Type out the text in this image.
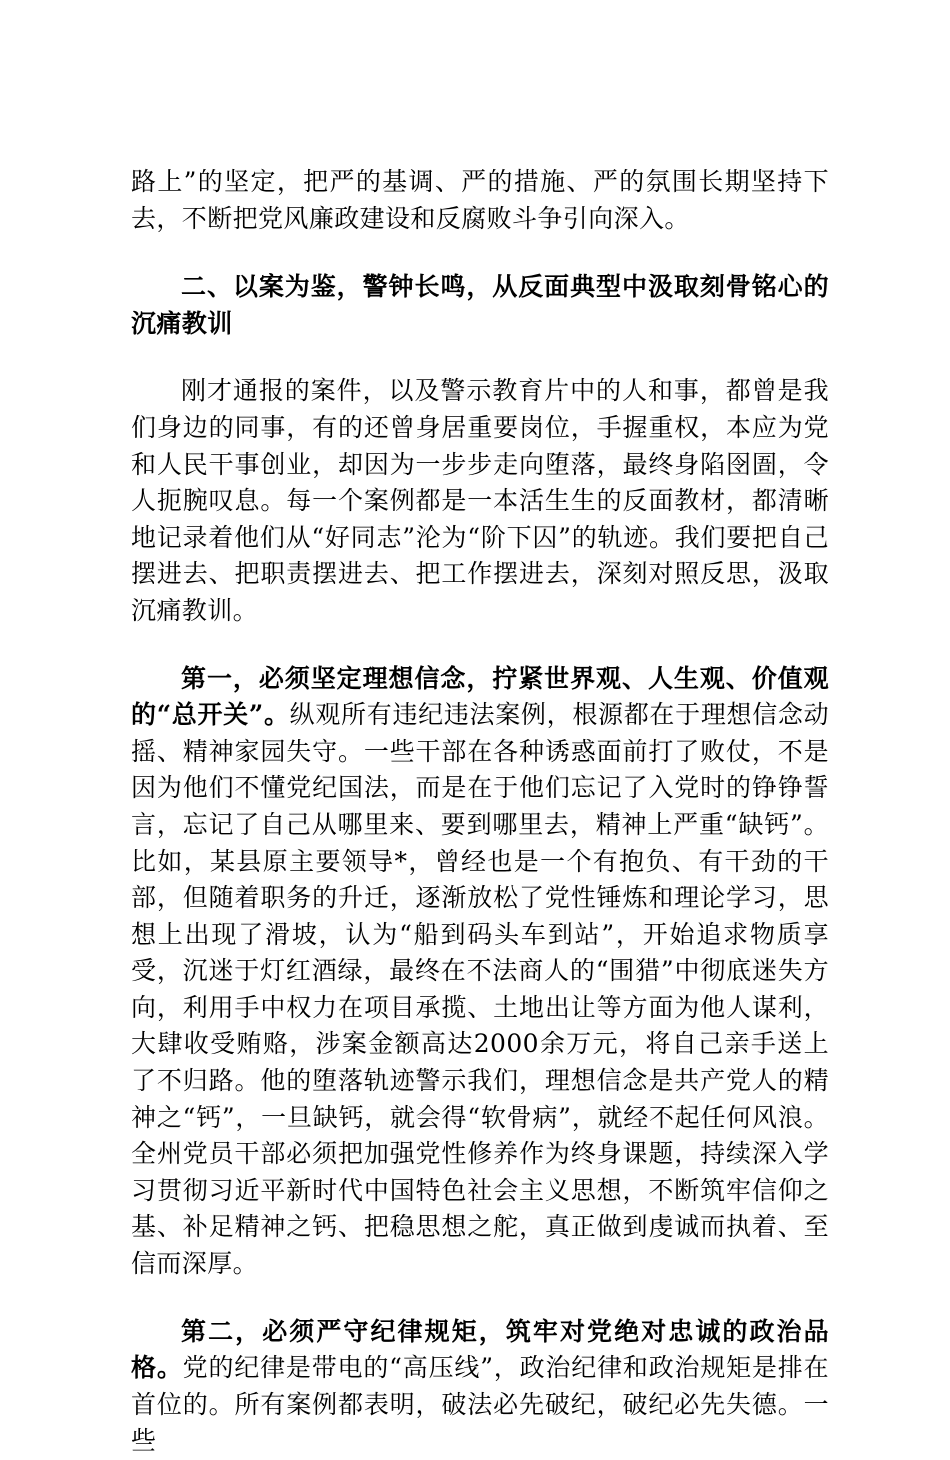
路上”的坚定，把严的基调、严的措施、严的氛围长期坚持下去，不断把党风廉政建设和反腐败斗争引向深入。

二、以案为鉴，警钟长鸣，从反面典型中汲取刻骨铭心的沉痛教训

刚才通报的案件，以及警示教育片中的人和事，都曾是我们身边的同事，有的还曾身居重要岗位，手握重权，本应为党和人民干事创业，却因为一步步走向堕落，最终身陷囹圄，令人扼腕叹息。每一个案例都是一本活生生的反面教材，都清晰地记录着他们从“好同志”沦为“阶下囚”的轨迹。我们要把自己摆进去、把职责摆进去、把工作摆进去，深刻对照反思，汲取沉痛教训。

第一，必须坚定理想信念，拧紧世界观、人生观、价值观的“总开关”。纵观所有违纪违法案例，根源都在于理想信念动摇、精神家园失守。一些干部在各种诱惑面前打了败仗，不是因为他们不懂党纪国法，而是在于他们忘记了入党时的铮铮誓言，忘记了自己从哪里来、要到哪里去，精神上严重“缺钙”。比如，某县原主要领导*，曾经也是一个有抱负、有干劲的干部，但随着职务的升迁，逐渐放松了党性锤炼和理论学习，思想上出现了滑坡，认为“船到码头车到站”，开始追求物质享受，沉迷于灯红酒绿，最终在不法商人的“围猎”中彻底迷失方向，利用手中权力在项目承揽、土地出让等方面为他人谋利，大肆收受贿赂，涉案金额高达2000余万元，将自己亲手送上了不归路。他的堕落轨迹警示我们，理想信念是共产党人的精神之“钙”，一旦缺钙，就会得“软骨病”，就经不起任何风浪。全州党员干部必须把加强党性修养作为终身课题，持续深入学习贯彻习近平新时代中国特色社会主义思想，不断筑牢信仰之基、补足精神之钙、把稳思想之舵，真正做到虔诚而执着、至信而深厚。

第二，必须严守纪律规矩，筑牢对党绝对忠诚的政治品格。党的纪律是带电的“高压线”，政治纪律和政治规矩是排在首位的。所有案例都表明，破法必先破纪，破纪必先失德。一些
